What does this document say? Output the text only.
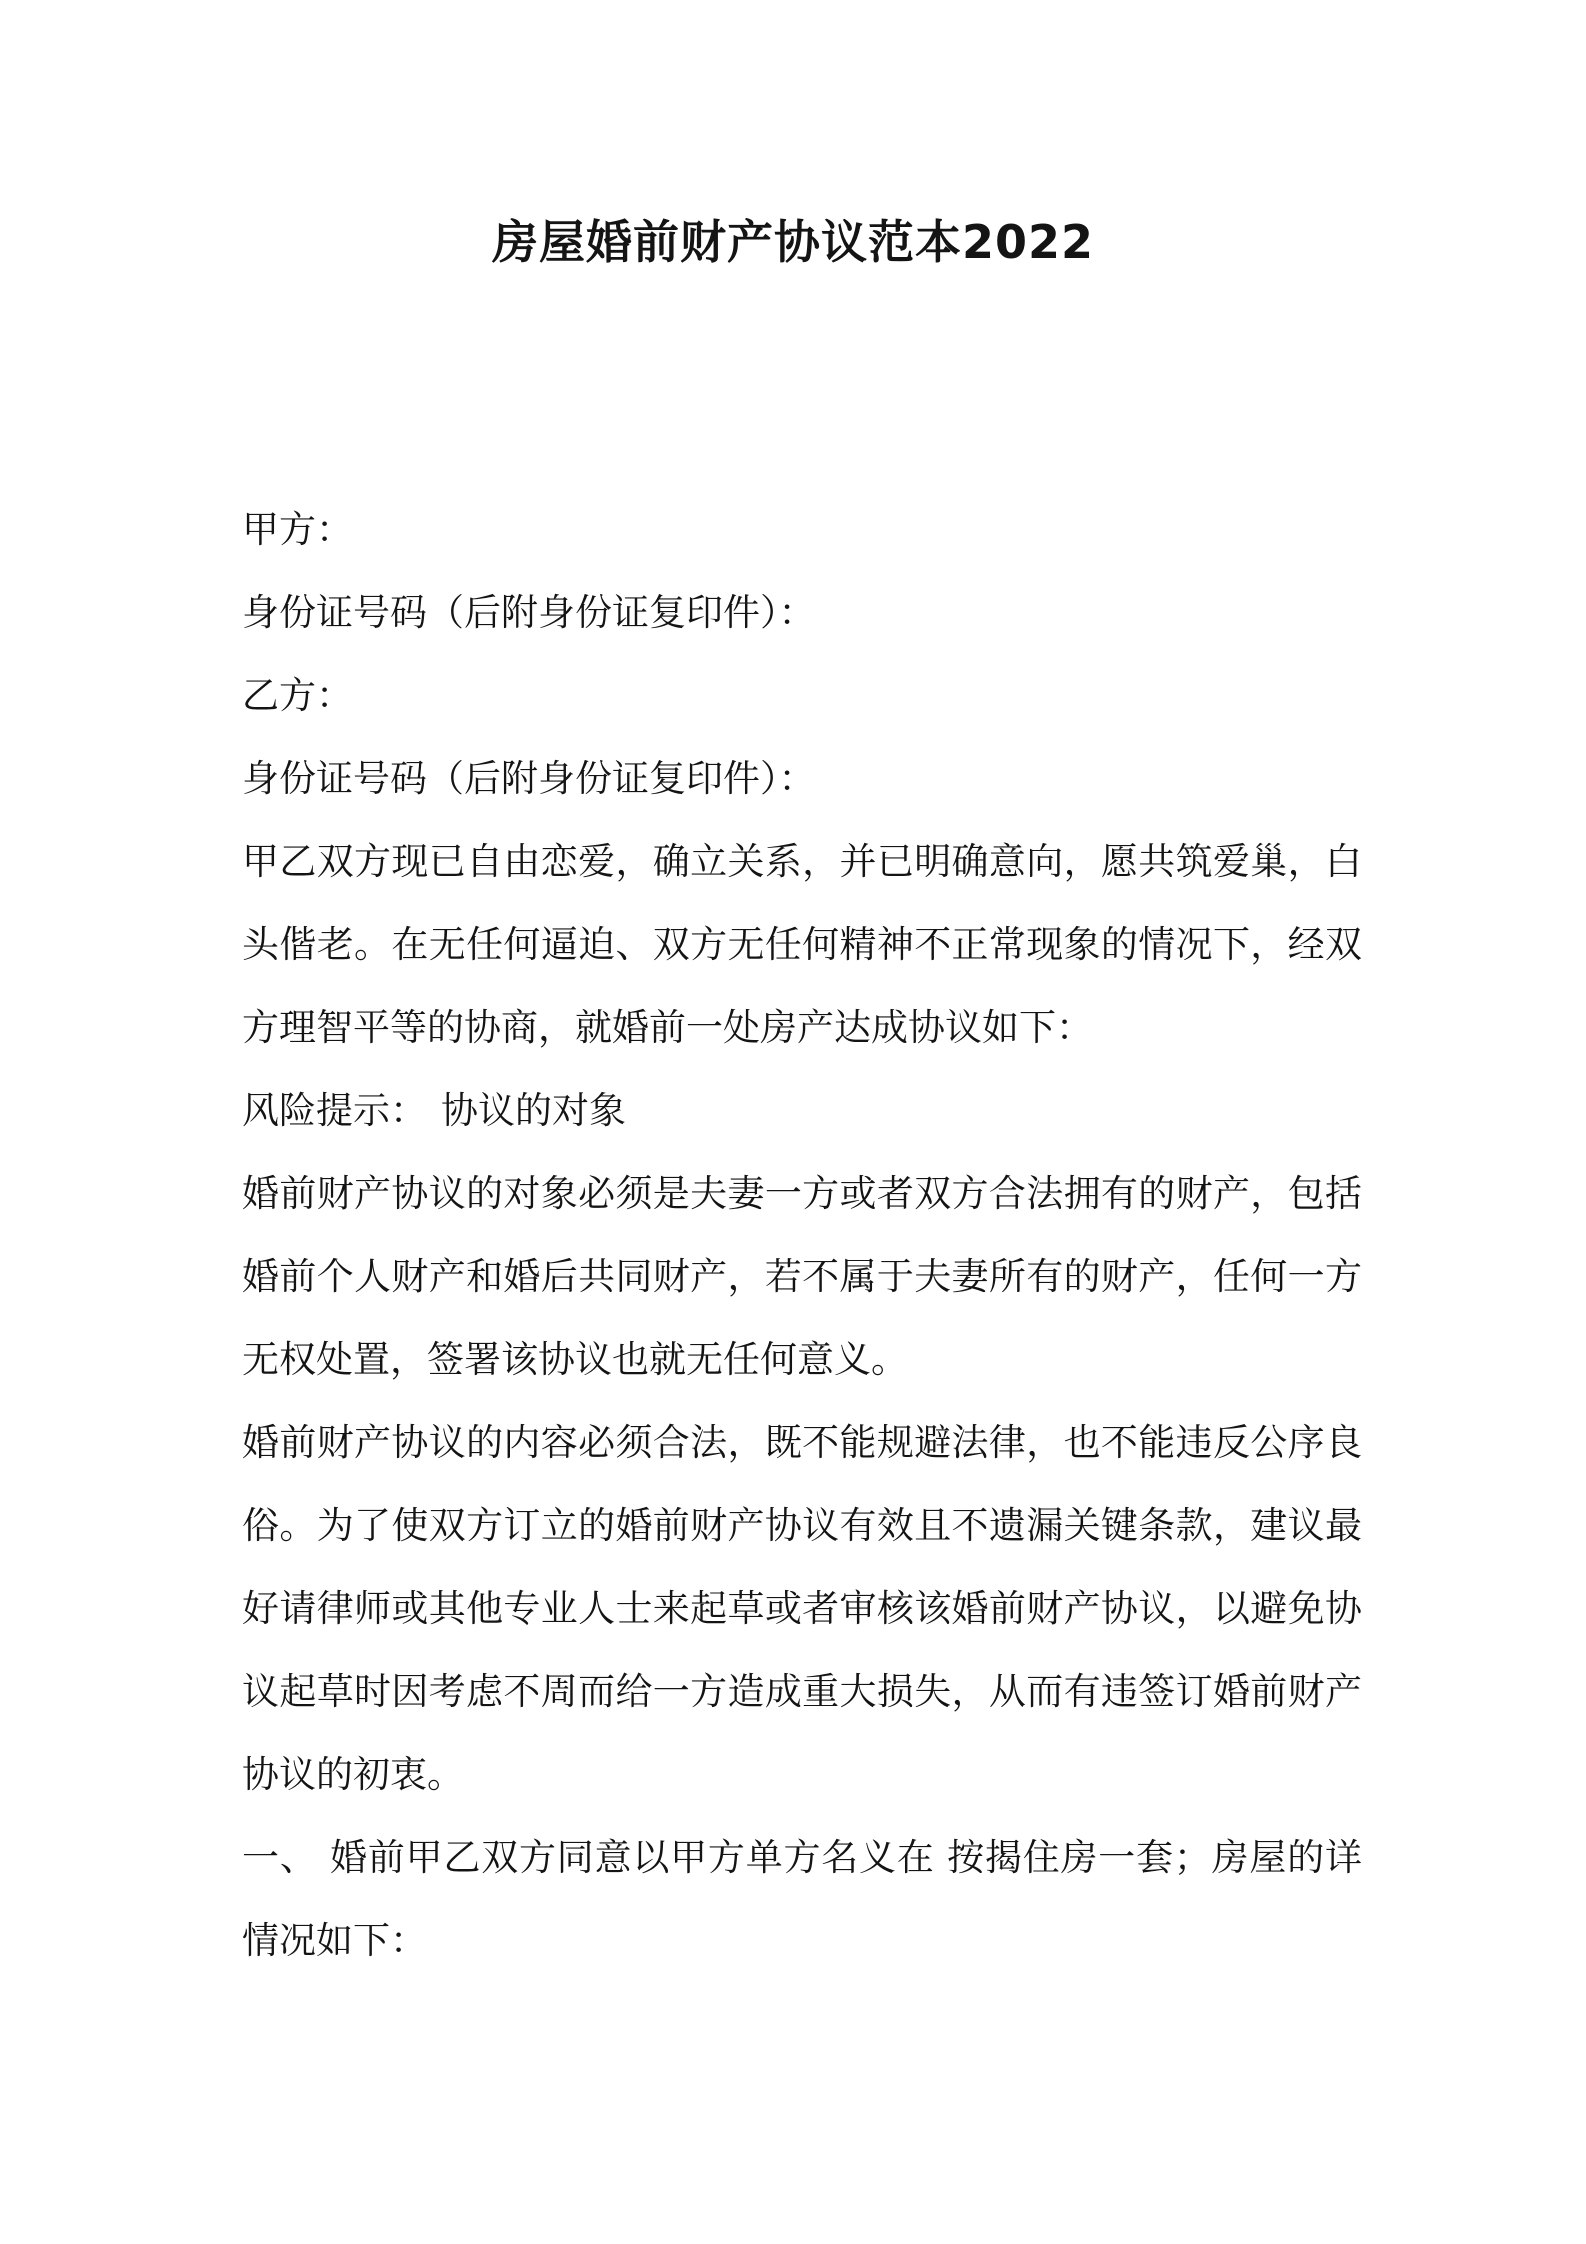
房屋婚前财产协议范本2022

甲方：

身份证号码（后附身份证复印件）：

乙方：

身份证号码（后附身份证复印件）：

甲乙双方现已自由恋爱，确立关系，并已明确意向，愿共筑爱巢，白头偕老。在无任何逼迫、双方无任何精神不正常现象的情况下，经双方理智平等的协商，就婚前一处房产达成协议如下：

风险提示： 协议的对象

婚前财产协议的对象必须是夫妻一方或者双方合法拥有的财产，包括婚前个人财产和婚后共同财产，若不属于夫妻所有的财产，任何一方无权处置，签署该协议也就无任何意义。

婚前财产协议的内容必须合法，既不能规避法律，也不能违反公序良俗。为了使双方订立的婚前财产协议有效且不遗漏关键条款，建议最好请律师或其他专业人士来起草或者审核该婚前财产协议，以避免协议起草时因考虑不周而给一方造成重大损失，从而有违签订婚前财产协议的初衷。

一、 婚前甲乙双方同意以甲方单方名义在 按揭住房一套；房屋的详情况如下：
